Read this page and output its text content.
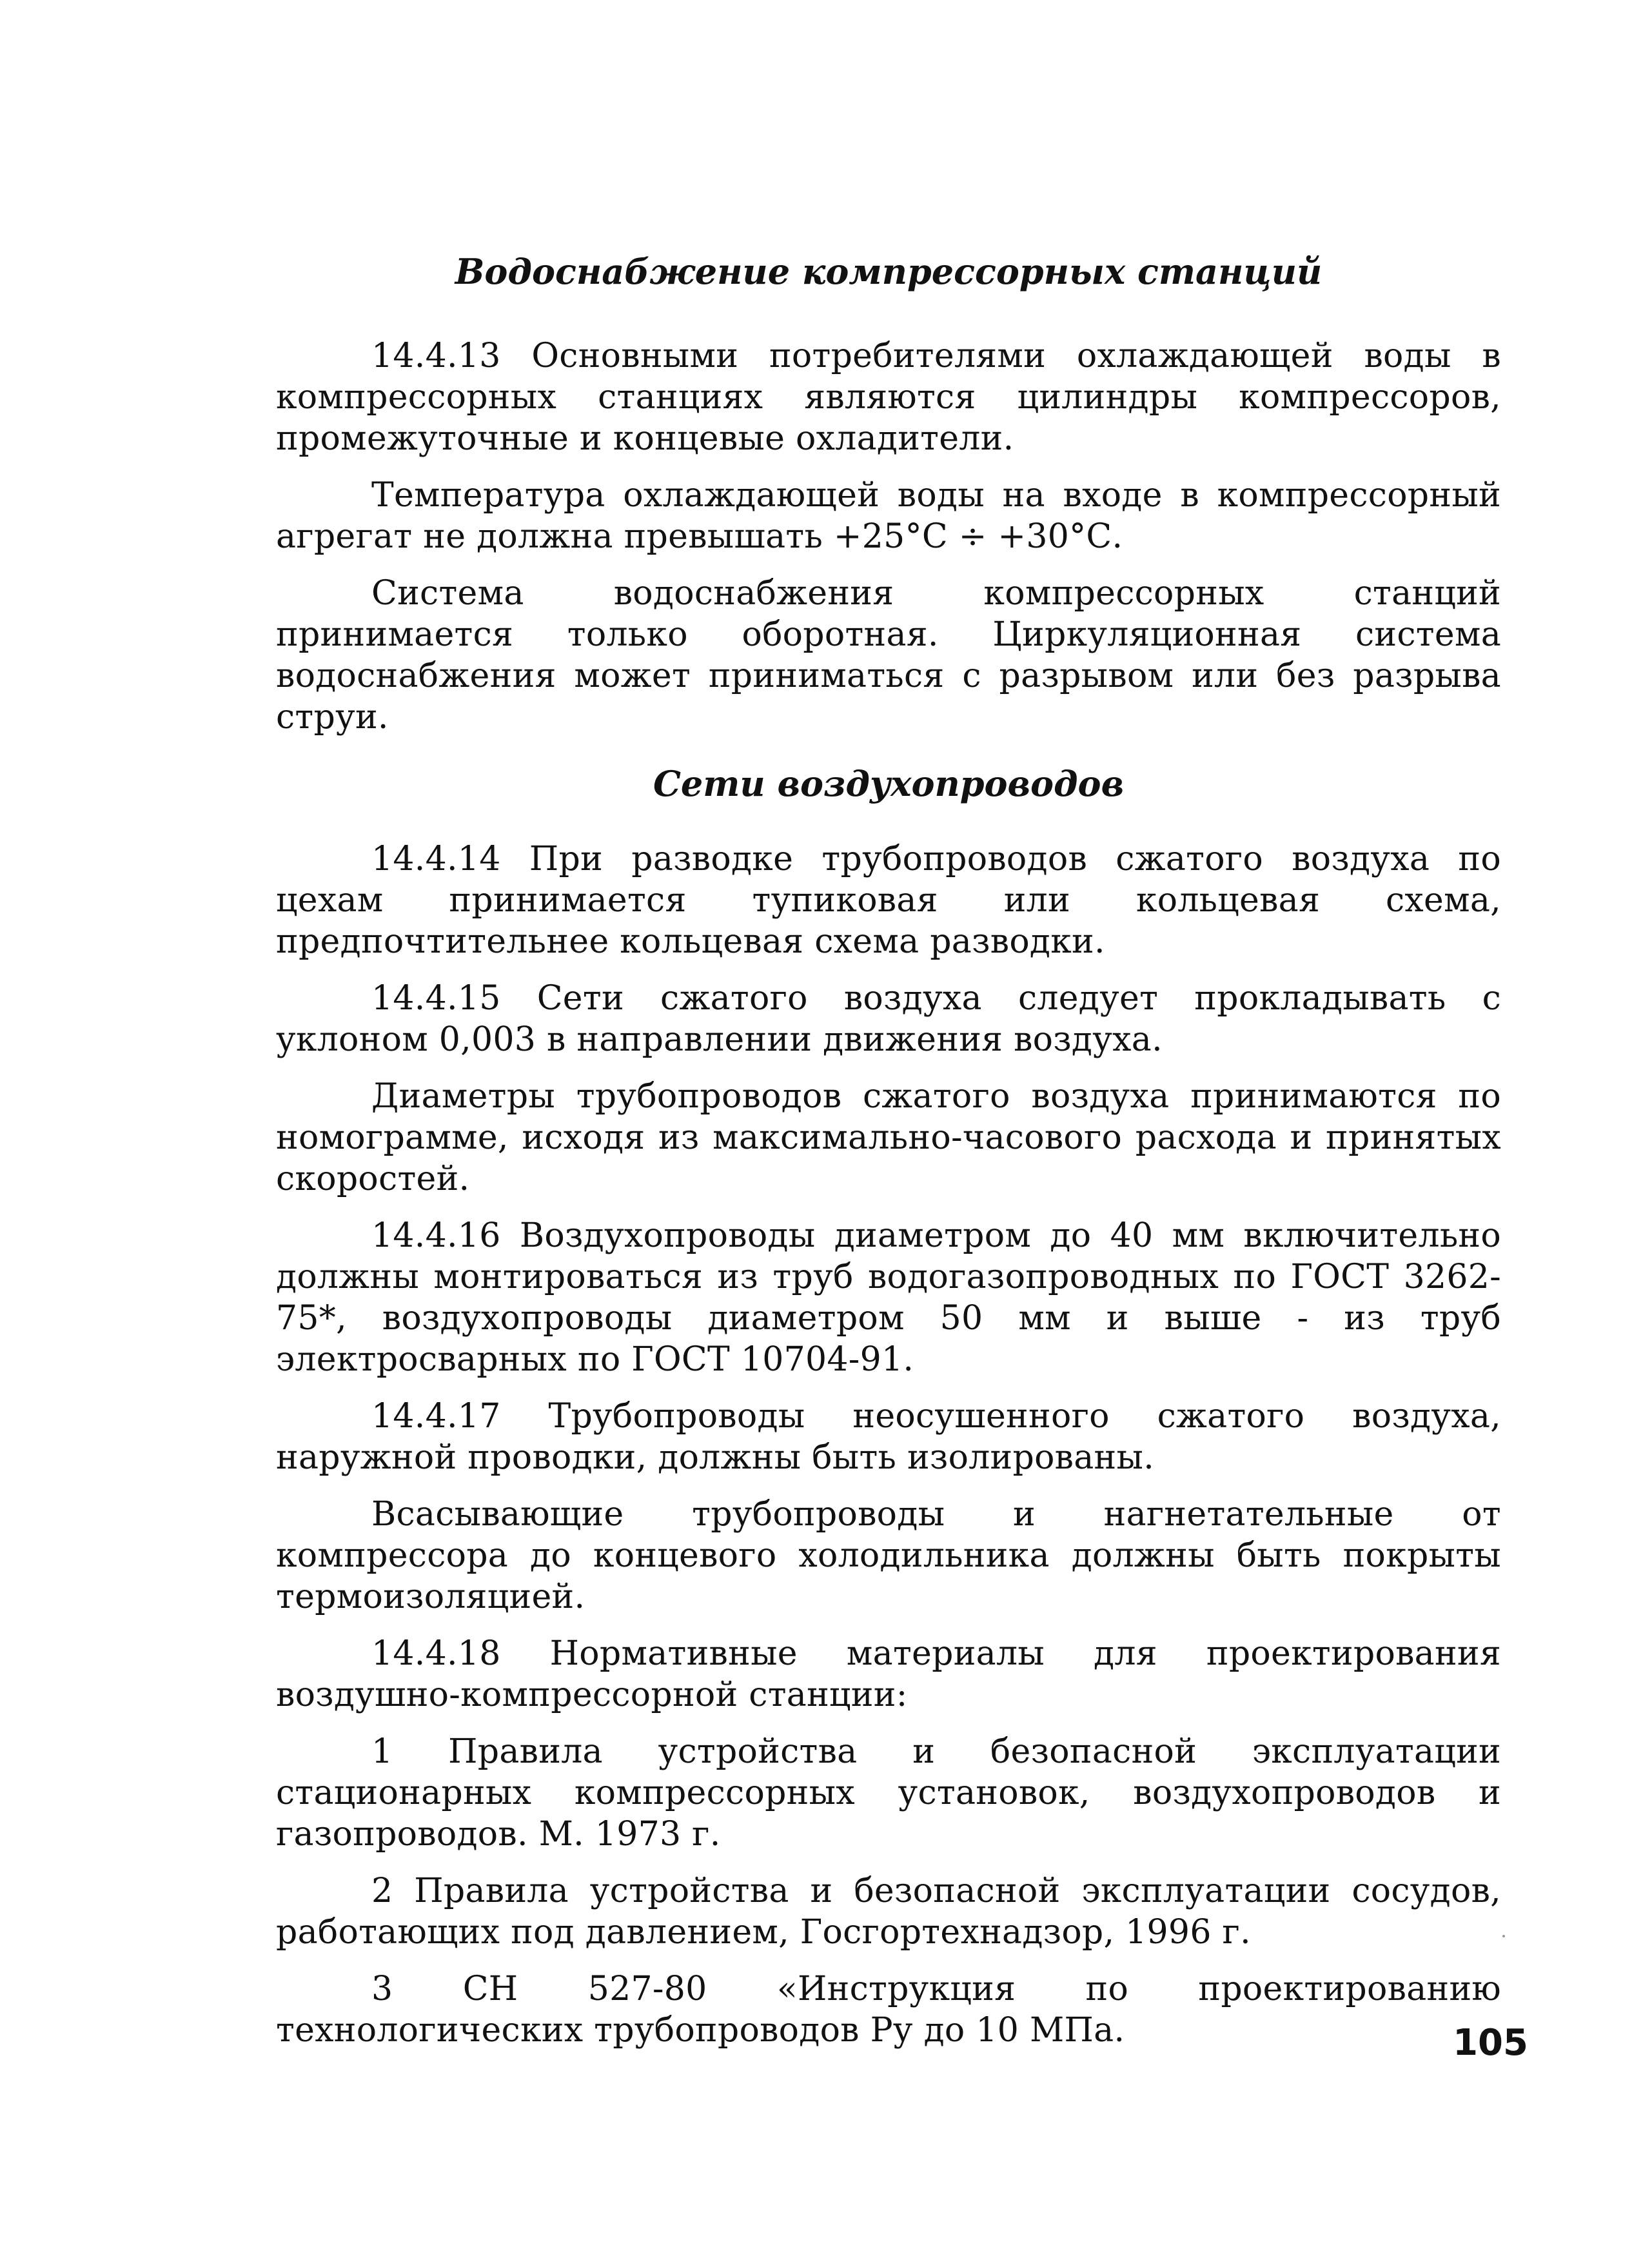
Водоснабжение компрессорных станций

14.4.13 Основными потребителями охлаждающей воды в компрессорных станциях являются цилиндры компрессоров, промежуточные и концевые охладители.

Температура охлаждающей воды на входе в компрессорный агрегат не должна превышать +25°С ÷ +30°С.

Система водоснабжения компрессорных станций принимается только оборотная. Циркуляционная система водоснабжения может приниматься с разрывом или без разрыва струи.

Сети воздухопроводов

14.4.14 При разводке трубопроводов сжатого воздуха по цехам принимается тупиковая или кольцевая схема, предпочтительнее кольцевая схема разводки.

14.4.15 Сети сжатого воздуха следует прокладывать с уклоном 0,003 в направлении движения воздуха.

Диаметры трубопроводов сжатого воздуха принимаются по номограмме, исходя из максимально-часового расхода и принятых скоростей.

14.4.16 Воздухопроводы диаметром до 40 мм включительно должны монтироваться из труб водогазопроводных по ГОСТ 3262-75*, воздухопроводы диаметром 50 мм и выше - из труб электросварных по ГОСТ 10704-91.

14.4.17 Трубопроводы неосушенного сжатого воздуха, наружной проводки, должны быть изолированы.

Всасывающие трубопроводы и нагнетательные от компрессора до концевого холодильника должны быть покрыты термоизоляцией.

14.4.18 Нормативные материалы для проектирования воздушно-компрессорной станции:

1 Правила устройства и безопасной эксплуатации стационарных компрессорных установок, воздухопроводов и газопроводов. М. 1973 г.

2 Правила устройства и безопасной эксплуатации сосудов, работающих под давлением, Госгортехнадзор, 1996 г.

3 СН 527-80 «Инструкция по проектированию технологических трубопроводов Ру до 10 МПа.	105
